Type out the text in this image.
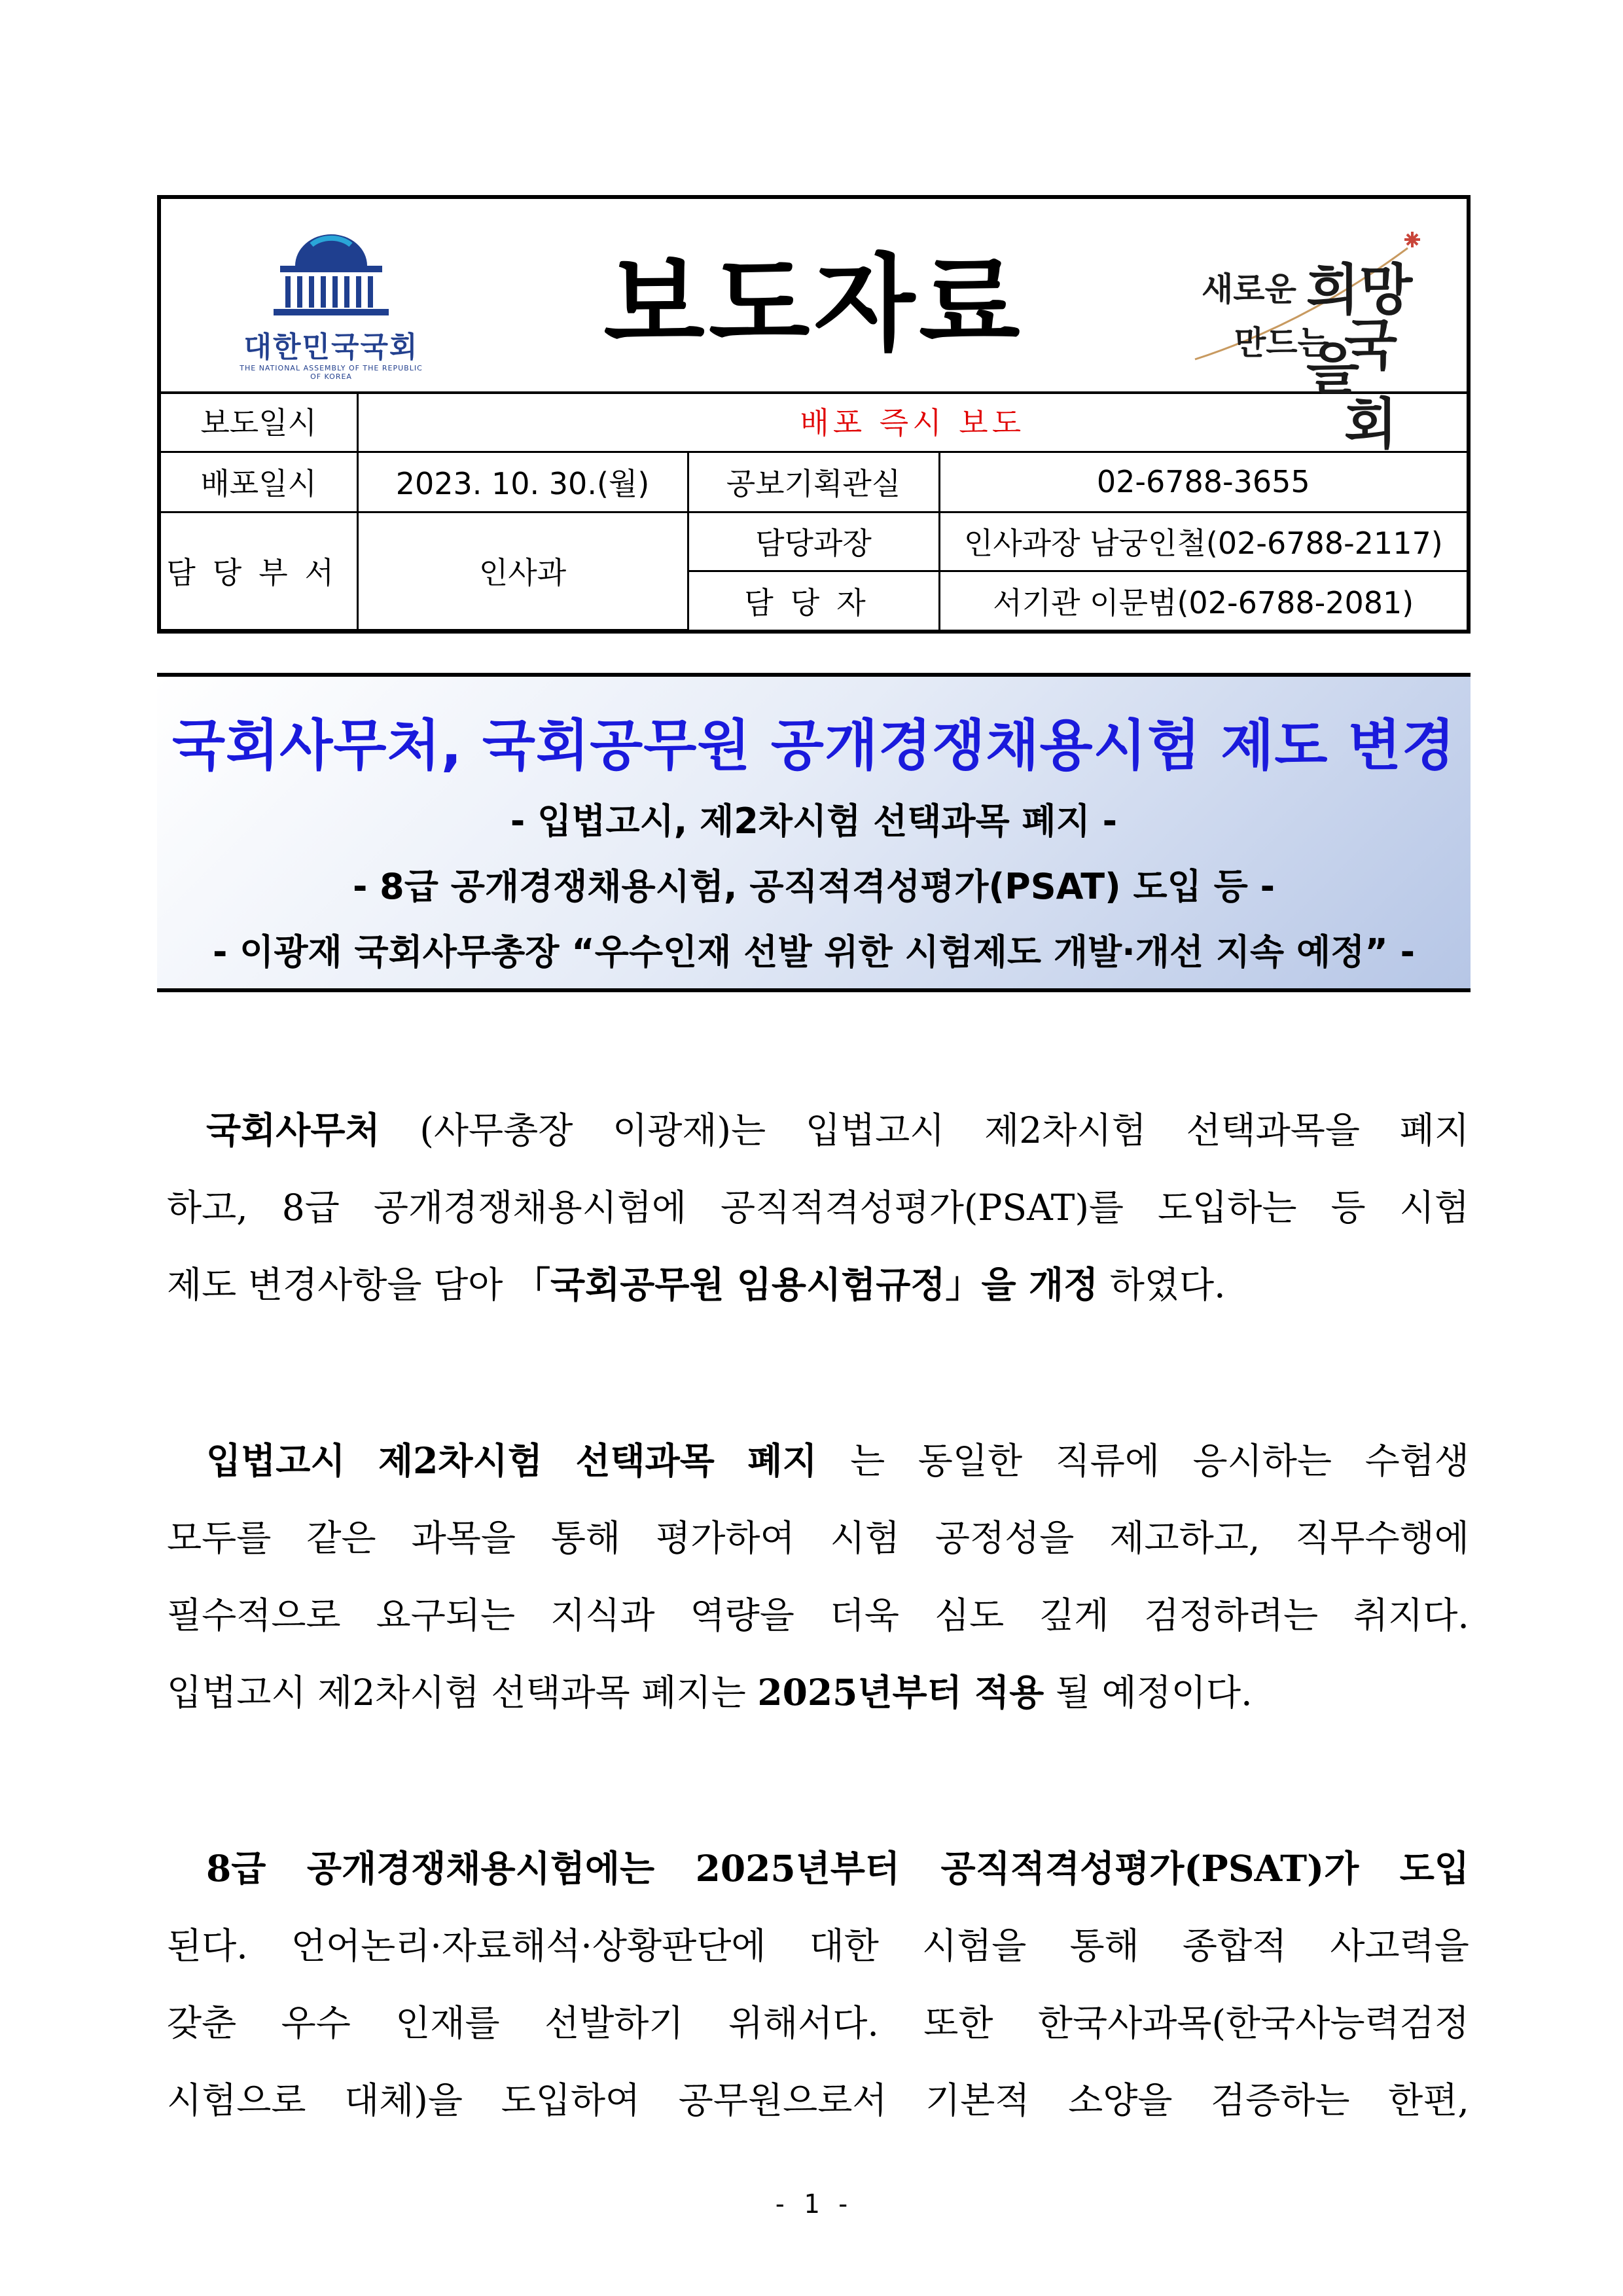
대한민국국회
THE NATIONAL ASSEMBLY OF THE REPUBLIC OF KOREA
보도자료	새로운 희망을
만드는 국회
보도일시	배포 즉시 보도		
배포일시	2023. 10. 30.(월)	공보기획관실	02-6788-3655
담당부서	인사과	담당과장	인사과장 남궁인철(02-6788-2117)
		담당자	서기관 이문범(02-6788-2081)
국회사무처, 국회공무원 공개경쟁채용시험 제도 변경
- 입법고시, 제2차시험 선택과목 폐지 -
- 8급 공개경쟁채용시험, 공직적격성평가(PSAT) 도입 등 -
- 이광재 국회사무총장 “우수인재 선발 위한 시험제도 개발·개선 지속 예정” -
국회사무처 (사무총장 이광재)는 입법고시 제2차시험 선택과목을 폐지
하고, 8급 공개경쟁채용시험에 공직적격성평가(PSAT)를 도입하는 등 시험
제도 변경사항을 담아 「국회공무원 임용시험규정」을 개정 하였다.
입법고시 제2차시험 선택과목 폐지 는 동일한 직류에 응시하는 수험생
모두를 같은 과목을 통해 평가하여 시험 공정성을 제고하고, 직무수행에
필수적으로 요구되는 지식과 역량을 더욱 심도 깊게 검정하려는 취지다.
입법고시 제2차시험 선택과목 폐지는 2025년부터 적용 될 예정이다.
8급 공개경쟁채용시험에는 2025년부터 공직적격성평가(PSAT)가 도입
된다. 언어논리·자료해석·상황판단에 대한 시험을 통해 종합적 사고력을
갖춘 우수 인재를 선발하기 위해서다. 또한 한국사과목(한국사능력검정
시험으로 대체)을 도입하여 공무원으로서 기본적 소양을 검증하는 한편,
- 1 -
